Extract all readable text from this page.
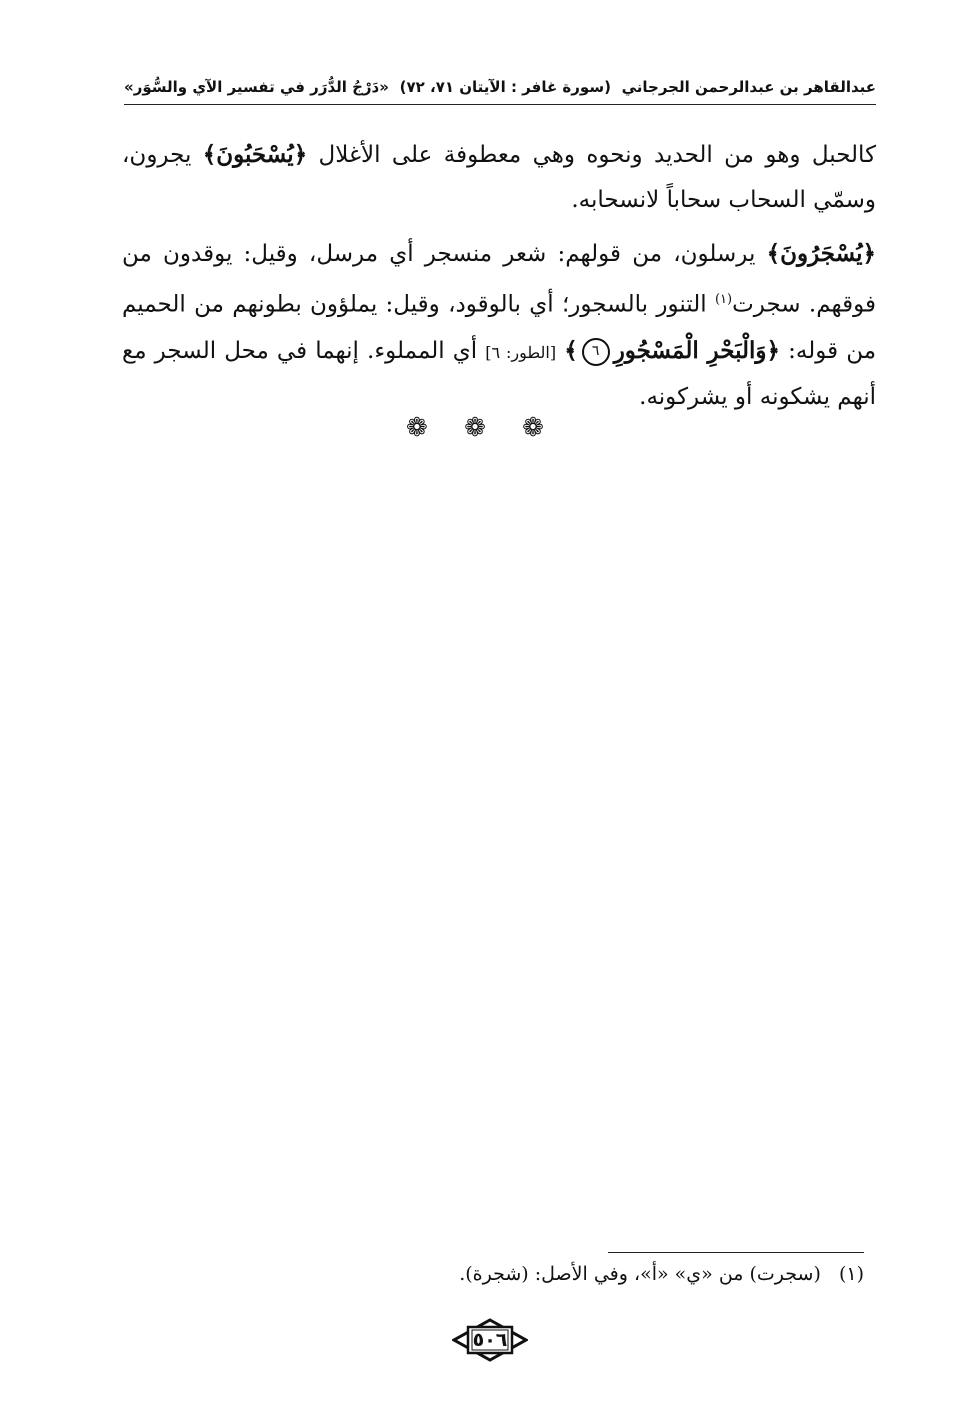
عبدالقاهر بن عبدالرحمن الجرجاني
(سورة غافر : الآيتان ٧١، ٧٢)
«دَرْجُ الدُّرَر في تفسير الآي والسُّوَر»

كالحبل وهو من الحديد ونحوه وهي معطوفة على الأغلال ﴿يُسْحَبُونَ﴾ يجرون، وسمّي السحاب سحاباً لانسحابه.

﴿يُسْجَرُونَ﴾ يرسلون، من قولهم: شعر منسجر أي مرسل، وقيل: يوقدون من فوقهم. سجرت$^{(١)}$ التنور بالسجور؛ أي بالوقود، وقيل: يملؤون بطونهم من الحميم من قوله: ﴿وَالْبَحْرِ الْمَسْجُورِ٦﴾ [الطور: ٦] أي المملوء. إنهما في محل السجر مع أنهم يشكونه أو يشركونه.

❁ ❁ ❁
(١) (سجرت) من «ي» «أ»، وفي الأصل: (شجرة).
٥٠٦
